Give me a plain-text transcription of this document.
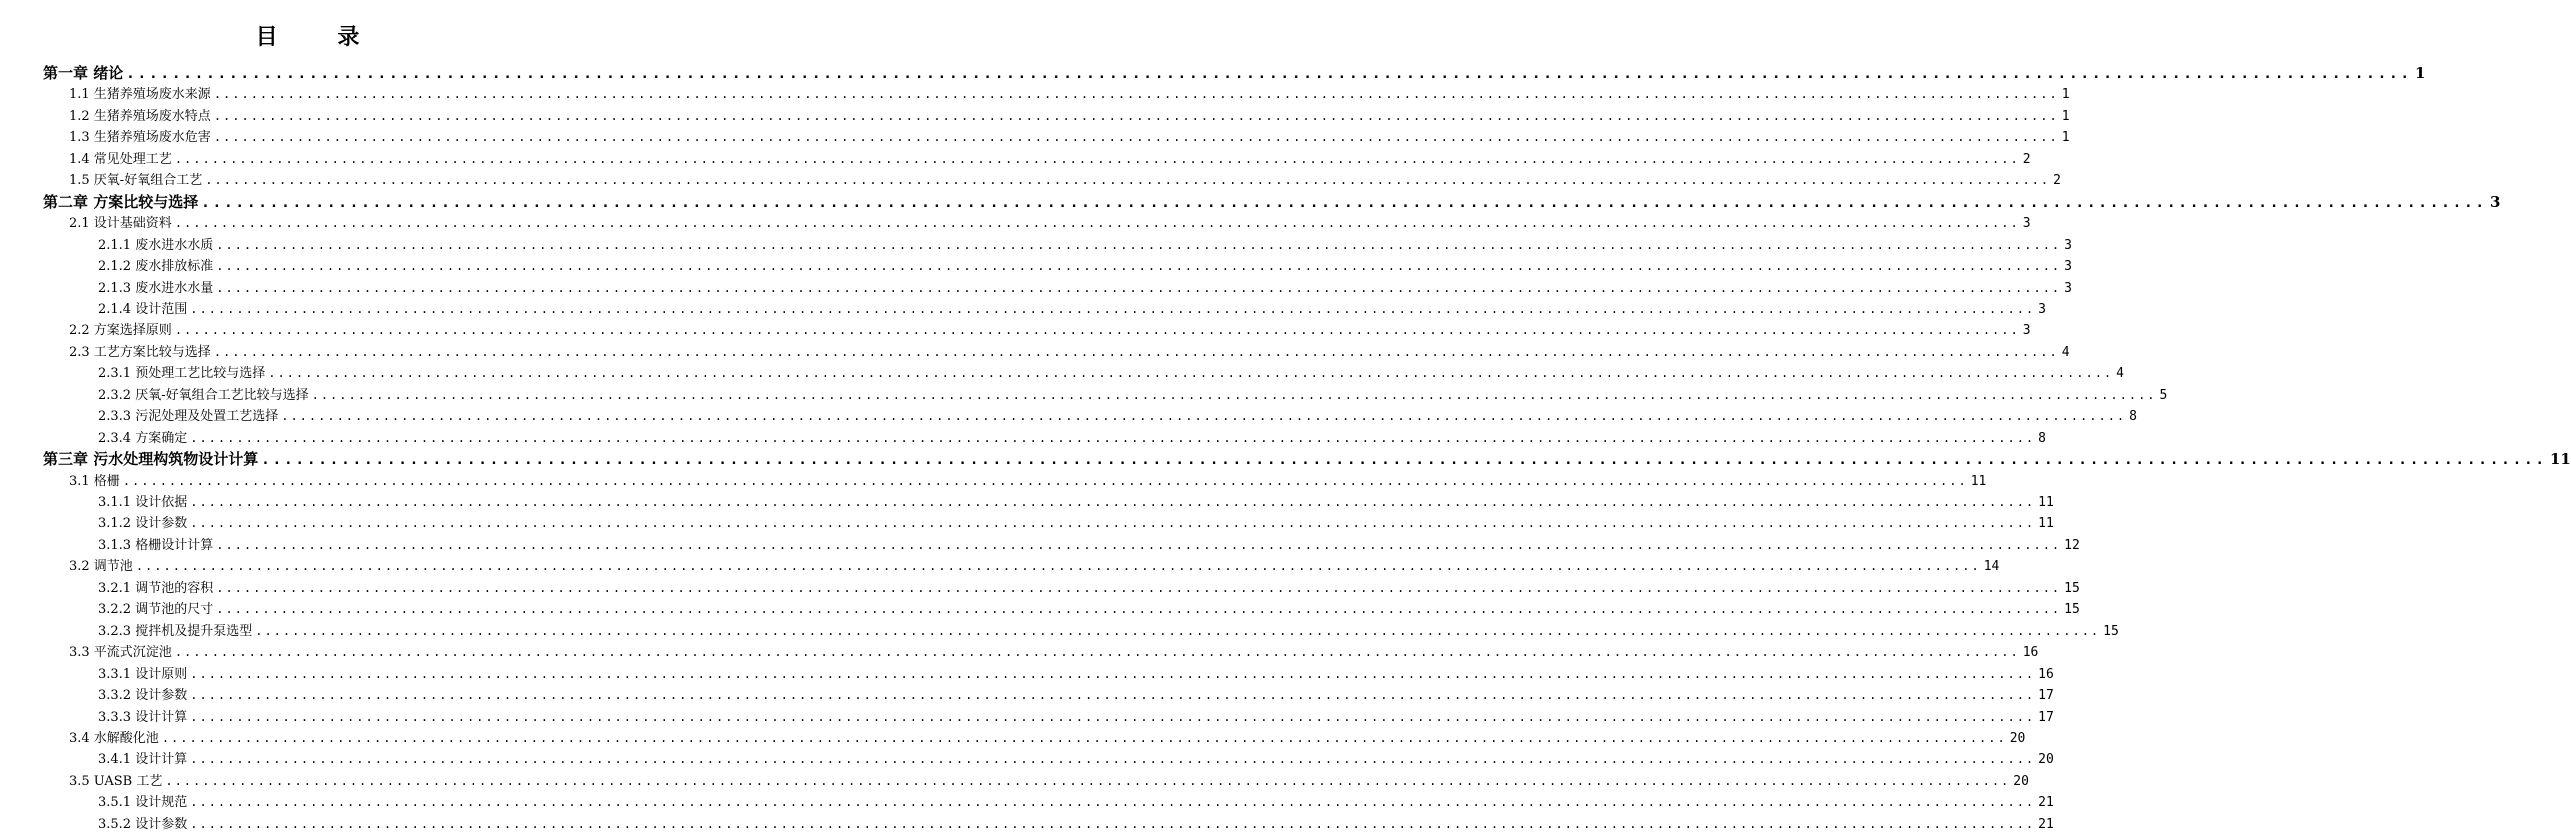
目 录
第一章 绪论 ........................................................................................................................................................................................................ 1
1.1 生猪养殖场废水来源 ........................................................................................................................................................................................................ 1
1.2 生猪养殖场废水特点 ........................................................................................................................................................................................................ 1
1.3 生猪养殖场废水危害 ........................................................................................................................................................................................................ 1
1.4 常见处理工艺 ........................................................................................................................................................................................................ 2
1.5 厌氧-好氧组合工艺 ........................................................................................................................................................................................................ 2
第二章 方案比较与选择 ........................................................................................................................................................................................................ 3
2.1 设计基础资料 ........................................................................................................................................................................................................ 3
2.1.1 废水进水水质 ........................................................................................................................................................................................................ 3
2.1.2 废水排放标准 ........................................................................................................................................................................................................ 3
2.1.3 废水进水水量 ........................................................................................................................................................................................................ 3
2.1.4 设计范围 ........................................................................................................................................................................................................ 3
2.2 方案选择原则 ........................................................................................................................................................................................................ 3
2.3 工艺方案比较与选择 ........................................................................................................................................................................................................ 4
2.3.1 预处理工艺比较与选择 ........................................................................................................................................................................................................ 4
2.3.2 厌氧-好氧组合工艺比较与选择 ........................................................................................................................................................................................................ 5
2.3.3 污泥处理及处置工艺选择 ........................................................................................................................................................................................................ 8
2.3.4 方案确定 ........................................................................................................................................................................................................ 8
第三章 污水处理构筑物设计计算 ........................................................................................................................................................................................................ 11
3.1 格栅 ........................................................................................................................................................................................................ 11
3.1.1 设计依据 ........................................................................................................................................................................................................ 11
3.1.2 设计参数 ........................................................................................................................................................................................................ 11
3.1.3 格栅设计计算 ........................................................................................................................................................................................................ 12
3.2 调节池 ........................................................................................................................................................................................................ 14
3.2.1 调节池的容积 ........................................................................................................................................................................................................ 15
3.2.2 调节池的尺寸 ........................................................................................................................................................................................................ 15
3.2.3 搅拌机及提升泵选型 ........................................................................................................................................................................................................ 15
3.3 平流式沉淀池 ........................................................................................................................................................................................................ 16
3.3.1 设计原则 ........................................................................................................................................................................................................ 16
3.3.2 设计参数 ........................................................................................................................................................................................................ 17
3.3.3 设计计算 ........................................................................................................................................................................................................ 17
3.4 水解酸化池 ........................................................................................................................................................................................................ 20
3.4.1 设计计算 ........................................................................................................................................................................................................ 20
3.5 UASB 工艺 ........................................................................................................................................................................................................ 20
3.5.1 设计规范 ........................................................................................................................................................................................................ 21
3.5.2 设计参数 ........................................................................................................................................................................................................ 21
